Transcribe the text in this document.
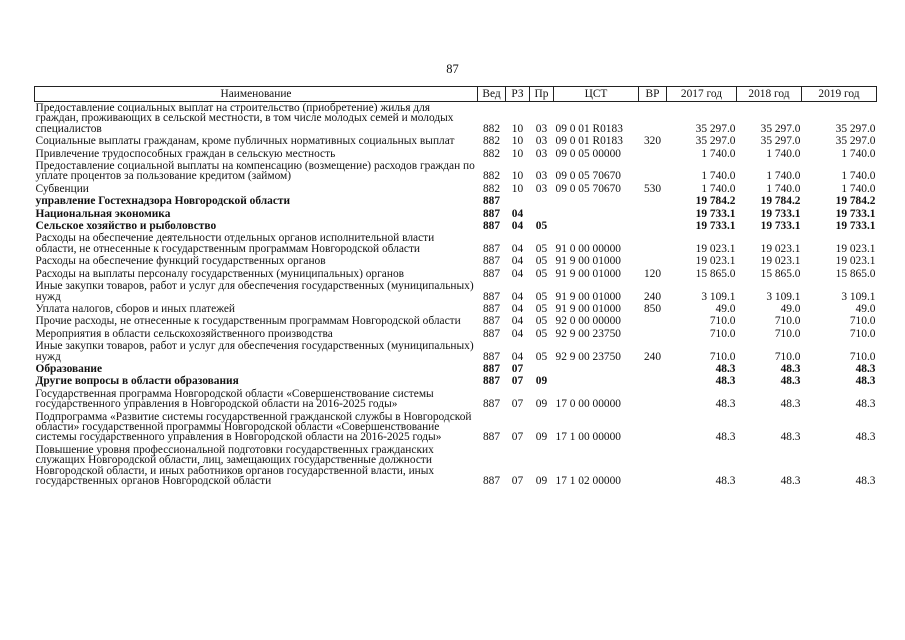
87
Наименование	Вед	РЗ	Пр	ЦСТ	ВР	2017 год	2018 год	2019 год
Предоставление социальных выплат на строительство (приобретение) жилья для граждан, проживающих в сельской местности, в том числе молодых семей и молодых специалистов	882	10	03	09 0 01 R0183		35 297.0	35 297.0	35 297.0
Социальные выплаты гражданам, кроме публичных нормативных социальных выплат	882	10	03	09 0 01 R0183	320	35 297.0	35 297.0	35 297.0
Привлечение трудоспособных граждан в сельскую местность	882	10	03	09 0 05 00000		1 740.0	1 740.0	1 740.0
Предоставление социальной выплаты на компенсацию (возмещение) расходов граждан по уплате процентов за пользование кредитом (займом)	882	10	03	09 0 05 70670		1 740.0	1 740.0	1 740.0
Субвенции	882	10	03	09 0 05 70670	530	1 740.0	1 740.0	1 740.0
управление Гостехнадзора Новгородской области	887					19 784.2	19 784.2	19 784.2
Национальная экономика	887	04				19 733.1	19 733.1	19 733.1
Сельское хозяйство и рыболовство	887	04	05			19 733.1	19 733.1	19 733.1
Расходы на обеспечение деятельности отдельных органов исполнительной власти области, не отнесенные к государственным программам Новгородской области	887	04	05	91 0 00 00000		19 023.1	19 023.1	19 023.1
Расходы на обеспечение функций государственных органов	887	04	05	91 9 00 01000		19 023.1	19 023.1	19 023.1
Расходы на выплаты персоналу государственных (муниципальных) органов	887	04	05	91 9 00 01000	120	15 865.0	15 865.0	15 865.0
Иные закупки товаров, работ и услуг для обеспечения государственных (муниципальных) нужд	887	04	05	91 9 00 01000	240	3 109.1	3 109.1	3 109.1
Уплата налогов, сборов и иных платежей	887	04	05	91 9 00 01000	850	49.0	49.0	49.0
Прочие расходы, не отнесенные к государственным программам Новгородской области	887	04	05	92 0 00 00000		710.0	710.0	710.0
Мероприятия в области сельскохозяйственного производства	887	04	05	92 9 00 23750		710.0	710.0	710.0
Иные закупки товаров, работ и услуг для обеспечения государственных (муниципальных) нужд	887	04	05	92 9 00 23750	240	710.0	710.0	710.0
Образование	887	07				48.3	48.3	48.3
Другие вопросы в области образования	887	07	09			48.3	48.3	48.3
Государственная программа Новгородской области «Совершенствование системы государственного управления в Новгородской области на 2016-2025 годы»	887	07	09	17 0 00 00000		48.3	48.3	48.3
Подпрограмма «Развитие системы государственной гражданской службы в Новгородской области» государственной программы Новгородской области «Совершенствование системы государственного управления в Новгородской области на 2016-2025 годы»	887	07	09	17 1 00 00000		48.3	48.3	48.3
Повышение уровня профессиональной подготовки государственных гражданских служащих Новгородской области, лиц, замещающих государственные должности Новгородской области, и иных работников органов государственной власти, иных государственных органов Новгородской области	887	07	09	17 1 02 00000		48.3	48.3	48.3
